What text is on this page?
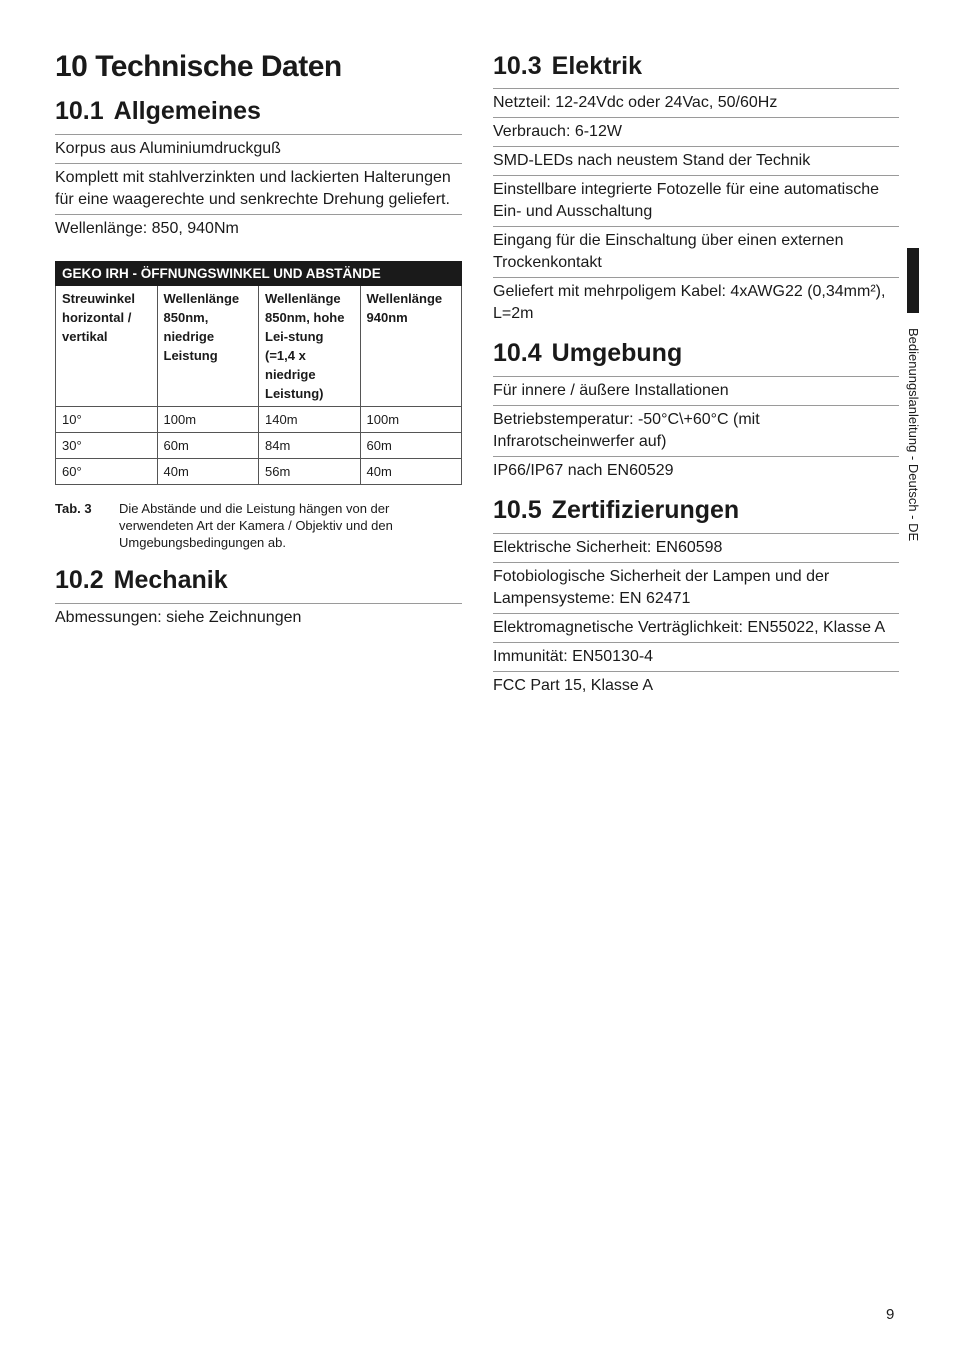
10 Technische Daten
10.1 Allgemeines
Korpus aus Aluminiumdruckguß
Komplett mit stahlverzinkten und lackierten Halterungen für eine waagerechte und senkrechte Drehung geliefert.
Wellenlänge: 850, 940Nm
GEKO IRH - ÖFFNUNGSWINKEL UND ABSTÄNDE			
Streuwinkel horizontal / vertikal	Wellenlänge 850nm, niedrige Leistung	Wellenlänge 850nm, hohe Lei-stung (=1,4 x niedrige Leistung)	Wellenlänge 940nm
10°	100m	140m	100m
30°	60m	84m	60m
60°	40m	56m	40m
Tab. 3	Die Abstände und die Leistung hängen von der verwendeten Art der Kamera / Objektiv und den Umgebungsbedingungen ab.
10.2 Mechanik
Abmessungen: siehe Zeichnungen
10.3 Elektrik
Netzteil: 12-24Vdc oder 24Vac, 50/60Hz
Verbrauch: 6-12W
SMD-LEDs nach neustem Stand der Technik
Einstellbare integrierte Fotozelle für eine automatische Ein- und Ausschaltung
Eingang für die Einschaltung über einen externen Trockenkontakt
Geliefert mit mehrpoligem Kabel: 4xAWG22 (0,34mm²), L=2m
10.4 Umgebung
Für innere / äußere Installationen
Betriebstemperatur: -50°C\+60°C (mit Infrarotscheinwerfer auf)
IP66/IP67 nach EN60529
10.5 Zertifizierungen
Elektrische Sicherheit: EN60598
Fotobiologische Sicherheit der Lampen und der Lampensysteme: EN 62471
Elektromagnetische Verträglichkeit: EN55022, Klasse A
Immunität: EN50130-4
FCC Part 15, Klasse A
Bedienungslanleitung - Deutsch - DE
9
